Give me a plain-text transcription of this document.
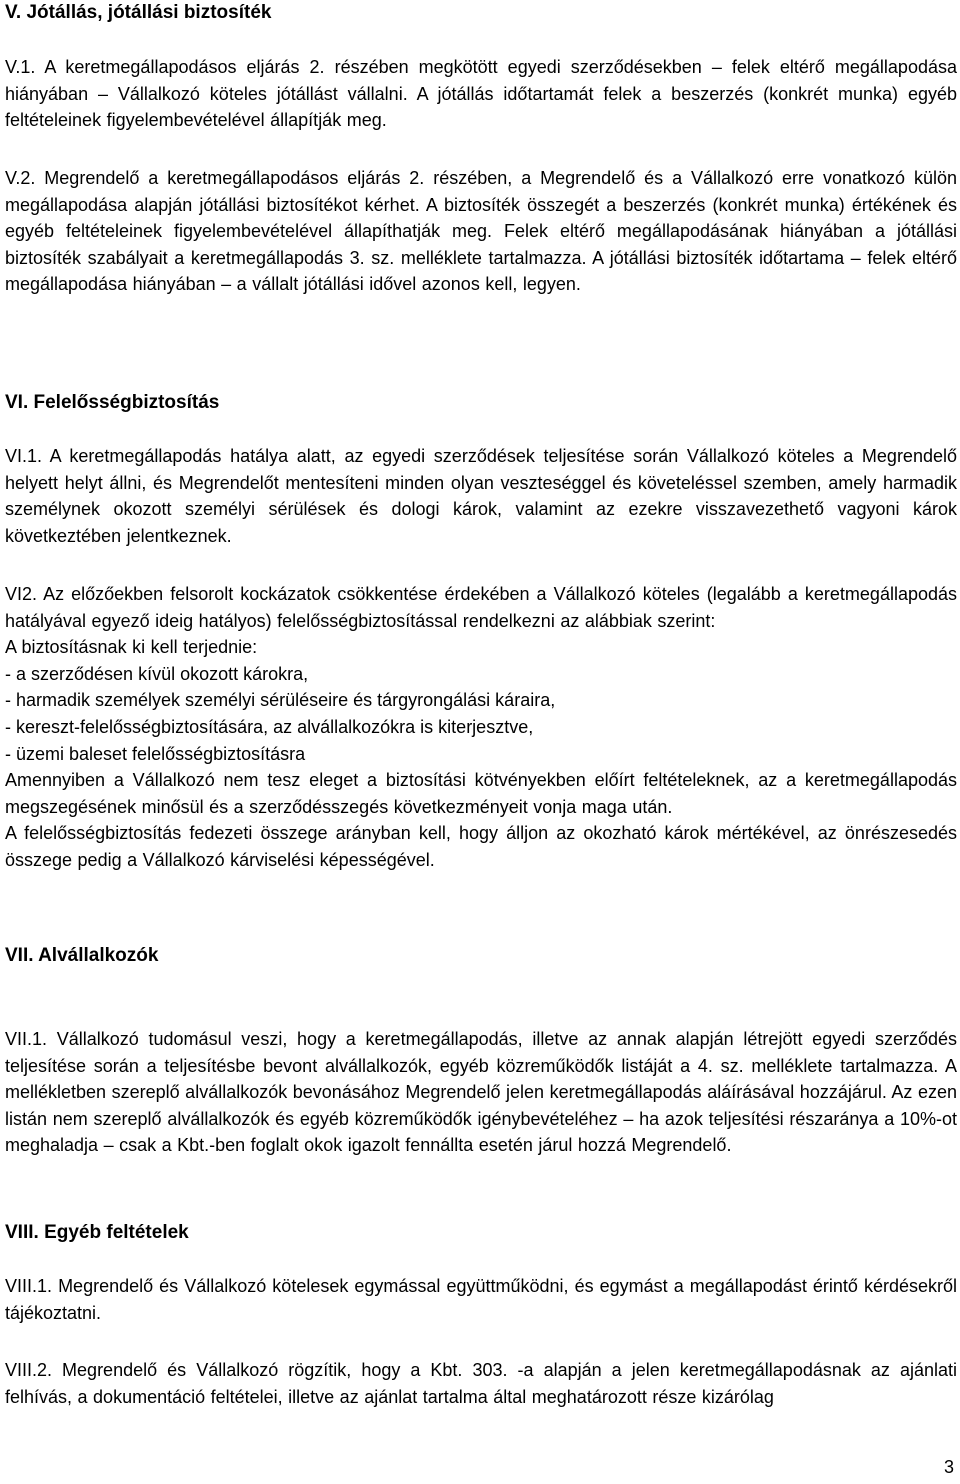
V. Jótállás, jótállási biztosíték

V.1. A keretmegállapodásos eljárás 2. részében megkötött egyedi szerződésekben – felek eltérő megállapodása hiányában – Vállalkozó köteles jótállást vállalni. A jótállás időtartamát felek a beszerzés (konkrét munka) egyéb feltételeinek figyelembevételével állapítják meg.

V.2. Megrendelő a keretmegállapodásos eljárás 2. részében, a Megrendelő és a Vállalkozó erre vonatkozó külön megállapodása alapján jótállási biztosítékot kérhet. A biztosíték összegét a beszerzés (konkrét munka) értékének és egyéb feltételeinek figyelembevételével állapíthatják meg. Felek eltérő megállapodásának hiányában a jótállási biztosíték szabályait a keretmegállapodás 3. sz. melléklete tartalmazza. A jótállási biztosíték időtartama – felek eltérő megállapodása hiányában – a vállalt jótállási idővel azonos kell, legyen.

VI. Felelősségbiztosítás

VI.1. A keretmegállapodás hatálya alatt, az egyedi szerződések teljesítése során Vállalkozó köteles a Megrendelő helyett helyt állni, és Megrendelőt mentesíteni minden olyan veszteséggel és követeléssel szemben, amely harmadik személynek okozott személyi sérülések és dologi károk, valamint az ezekre visszavezethető vagyoni károk következtében jelentkeznek.

VI2. Az előzőekben felsorolt kockázatok csökkentése érdekében a Vállalkozó köteles (legalább a keretmegállapodás hatályával egyező ideig hatályos) felelősségbiztosítással rendelkezni az alábbiak szerint:

A biztosításnak ki kell terjednie:

- a szerződésen kívül okozott károkra,
- harmadik személyek személyi sérüléseire és tárgyrongálási káraira,
- kereszt-felelősségbiztosítására, az alvállalkozókra is kiterjesztve,
- üzemi baleset felelősségbiztosításra

Amennyiben a Vállalkozó nem tesz eleget a biztosítási kötvényekben előírt feltételeknek, az a keretmegállapodás megszegésének minősül és a szerződésszegés következményeit vonja maga után.

A felelősségbiztosítás fedezeti összege arányban kell, hogy álljon az okozható károk mértékével, az önrészesedés összege pedig a Vállalkozó kárviselési képességével.

VII. Alvállalkozók

VII.1. Vállalkozó tudomásul veszi, hogy a keretmegállapodás, illetve az annak alapján létrejött egyedi szerződés teljesítése során a teljesítésbe bevont alvállalkozók, egyéb közreműködők listáját a 4. sz. melléklete tartalmazza. A mellékletben szereplő alvállalkozók bevonásához Megrendelő jelen keretmegállapodás aláírásával hozzájárul. Az ezen listán nem szereplő alvállalkozók és egyéb közreműködők igénybevételéhez – ha azok teljesítési részaránya a 10%-ot meghaladja – csak a Kbt.-ben foglalt okok igazolt fennállta esetén járul hozzá Megrendelő.

VIII. Egyéb feltételek

VIII.1. Megrendelő és Vállalkozó kötelesek egymással együttműködni, és egymást a megállapodást érintő kérdésekről tájékoztatni.

VIII.2. Megrendelő és Vállalkozó rögzítik, hogy a Kbt. 303. -a alapján a jelen keretmegállapodásnak az ajánlati felhívás, a dokumentáció feltételei, illetve az ajánlat tartalma által meghatározott része kizárólag

3
